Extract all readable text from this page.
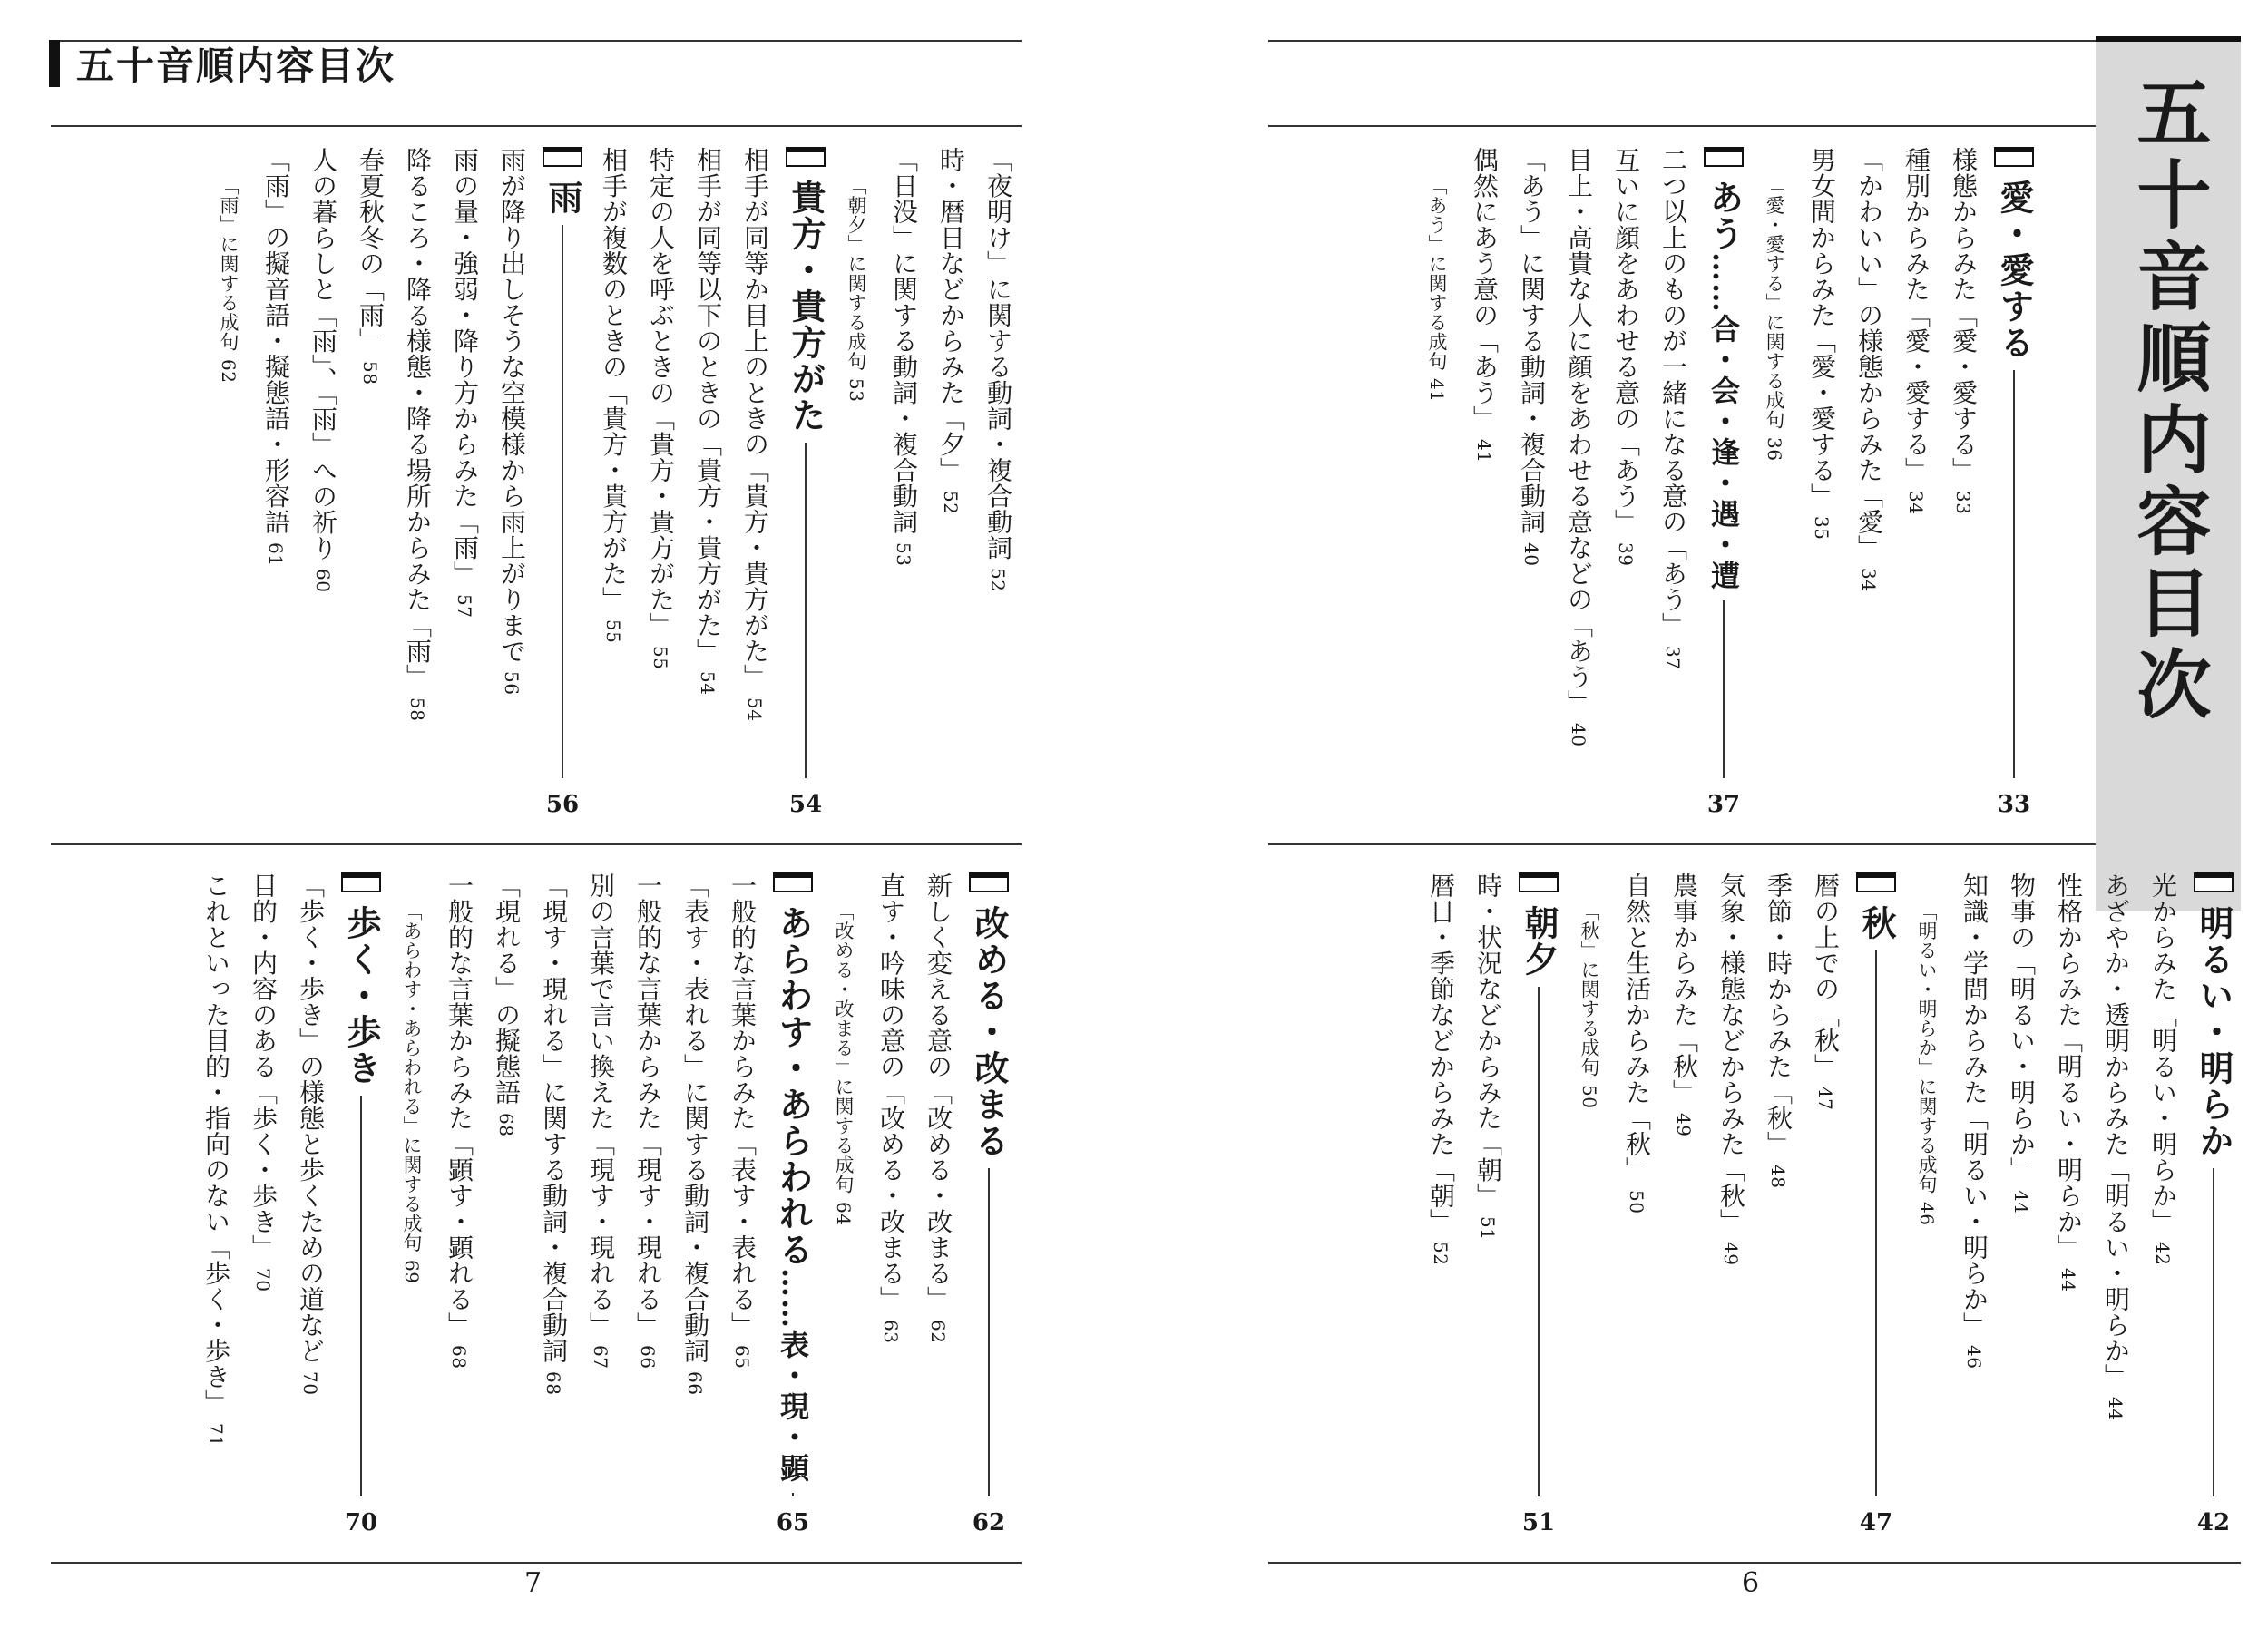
五十音順内容目次
7	6
五十音順内容目次
愛・愛する
33
様態からみた「愛・愛する」33
種別からみた「愛・愛する」34
「かわいい」の様態からみた「愛」34
男女間からみた「愛・愛する」35
「愛・愛する」に関する成句36
あう……合・会・逢・遇・遭
37
二つ以上のものが一緒になる意の「あう」37
互いに顔をあわせる意の「あう」39
目上・高貴な人に顔をあわせる意などの「あう」40
「あう」に関する動詞・複合動詞40
偶然にあう意の「あう」41
「あう」に関する成句41
明るい・明らか
42
光からみた「明るい・明らか」42
あざやか・透明からみた「明るい・明らか」44
性格からみた「明るい・明らか」44
物事の「明るい・明らか」44
知識・学問からみた「明るい・明らか」46
「明るい・明らか」に関する成句46
秋
47
暦の上での「秋」47
季節・時からみた「秋」48
気象・様態などからみた「秋」49
農事からみた「秋」49
自然と生活からみた「秋」50
「秋」に関する成句50
朝夕
51
時・状況などからみた「朝」51
暦日・季節などからみた「朝」52
「夜明け」に関する動詞・複合動詞52
時・暦日などからみた「夕」52
「日没」に関する動詞・複合動詞53
「朝夕」に関する成句53
貴方・貴方がた
54
相手が同等か目上のときの「貴方・貴方がた」54
相手が同等以下のときの「貴方・貴方がた」54
特定の人を呼ぶときの「貴方・貴方がた」55
相手が複数のときの「貴方・貴方がた」55
雨
56
雨が降り出しそうな空模様から雨上がりまで56
雨の量・強弱・降り方からみた「雨」57
降るころ・降る様態・降る場所からみた「雨」58
春夏秋冬の「雨」58
人の暮らしと「雨」、「雨」への祈り60
「雨」の擬音語・擬態語・形容語61
「雨」に関する成句62
改める・改まる
62
新しく変える意の「改める・改まる」62
直す・吟味の意の「改める・改まる」63
「改める・改まる」に関する成句64
あらわす・あらわれる……表・現・顕
65
一般的な言葉からみた「表す・表れる」65
「表す・表れる」に関する動詞・複合動詞66
一般的な言葉からみた「現す・現れる」66
別の言葉で言い換えた「現す・現れる」67
「現す・現れる」に関する動詞・複合動詞68
「現れる」の擬態語68
一般的な言葉からみた「顕す・顕れる」68
「あらわす・あらわれる」に関する成句69
歩く・歩き
70
「歩く・歩き」の様態と歩くための道など70
目的・内容のある「歩く・歩き」70
これといった目的・指向のない「歩く・歩き」71
